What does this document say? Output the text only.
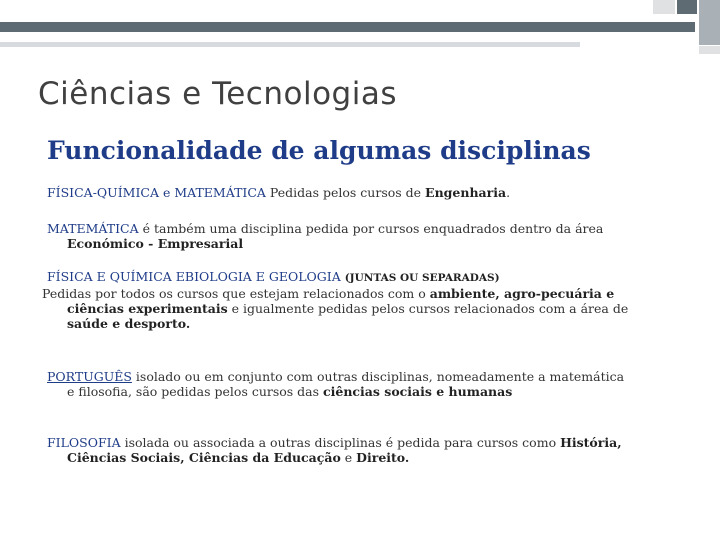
Ciências e Tecnologias
Funcionalidade de algumas disciplinas
FÍSICA-QUÍMICA e MATEMÁTICA Pedidas pelos cursos de Engenharia.
MATEMÁTICA é também uma disciplina pedida por cursos enquadrados dentro da área
Económico - Empresarial
FÍSICA E QUÍMICA EBIOLOGIA E GEOLOGIA (JUNTAS OU SEPARADAS)
Pedidas por todos os cursos que estejam relacionados com o ambiente, agro-pecuária e
ciências experimentais e igualmente pedidas pelos cursos relacionados com a área de
saúde e desporto.
PORTUGUÊS isolado ou em conjunto com outras disciplinas, nomeadamente a matemática
e filosofia, são pedidas pelos cursos das ciências sociais e humanas
FILOSOFIA isolada ou associada a outras disciplinas é pedida para cursos como História,
Ciências Sociais, Ciências da Educação e Direito.
